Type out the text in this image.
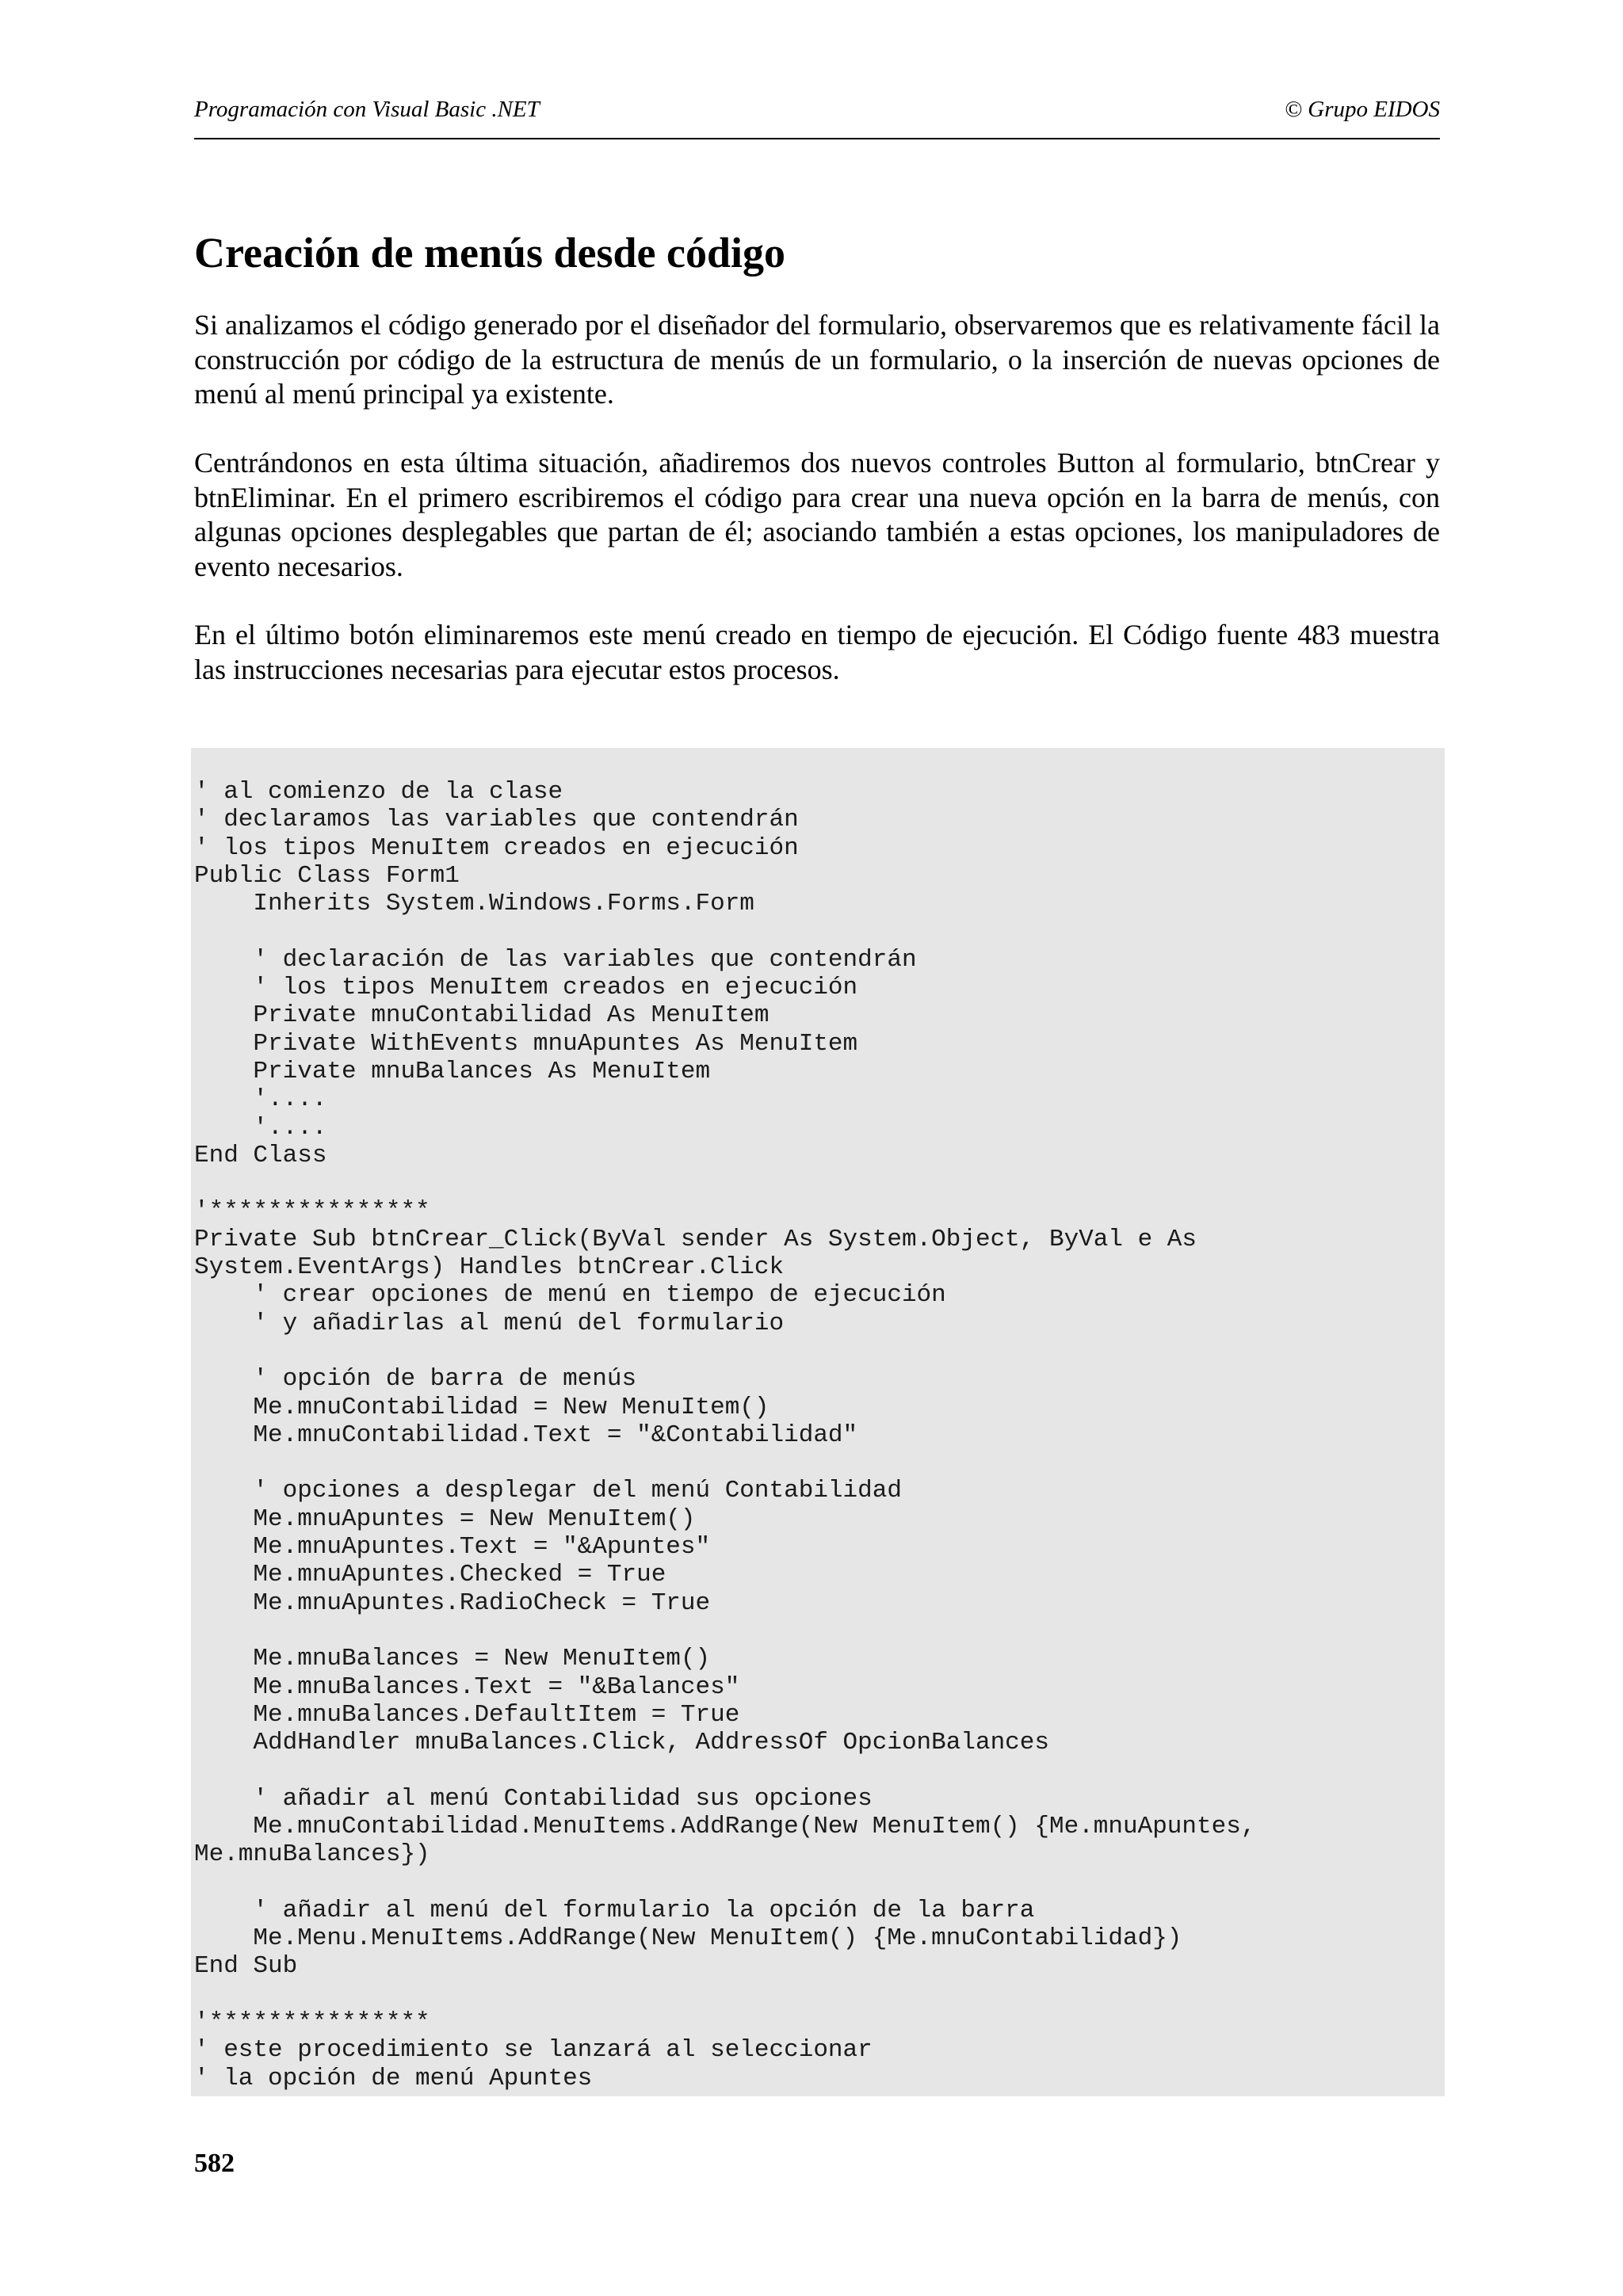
Programación con Visual Basic .NET	© Grupo EIDOS
Creación de menús desde código

Si analizamos el código generado por el diseñador del formulario, observaremos que es relativamente fácil la construcción por código de la estructura de menús de un formulario, o la inserción de nuevas opciones de menú al menú principal ya existente.

Centrándonos en esta última situación, añadiremos dos nuevos controles Button al formulario, btnCrear y btnEliminar. En el primero escribiremos el código para crear una nueva opción en la barra de menús, con algunas opciones desplegables que partan de él; asociando también a estas opciones, los manipuladores de evento necesarios.

En el último botón eliminaremos este menú creado en tiempo de ejecución. El Código fuente 483 muestra las instrucciones necesarias para ejecutar estos procesos.

' al comienzo de la clase
' declaramos las variables que contendrán
' los tipos MenuItem creados en ejecución
Public Class Form1
Inherits System.Windows.Forms.Form
' declaración de las variables que contendrán
' los tipos MenuItem creados en ejecución
Private mnuContabilidad As MenuItem
Private WithEvents mnuApuntes As MenuItem
Private mnuBalances As MenuItem
'....
'....
End Class
'***************
Private Sub btnCrear_Click(ByVal sender As System.Object, ByVal e As
System.EventArgs) Handles btnCrear.Click
' crear opciones de menú en tiempo de ejecución
' y añadirlas al menú del formulario
' opción de barra de menús
Me.mnuContabilidad = New MenuItem()
Me.mnuContabilidad.Text = "&Contabilidad"
' opciones a desplegar del menú Contabilidad
Me.mnuApuntes = New MenuItem()
Me.mnuApuntes.Text = "&Apuntes"
Me.mnuApuntes.Checked = True
Me.mnuApuntes.RadioCheck = True
Me.mnuBalances = New MenuItem()
Me.mnuBalances.Text = "&Balances"
Me.mnuBalances.DefaultItem = True
AddHandler mnuBalances.Click, AddressOf OpcionBalances
' añadir al menú Contabilidad sus opciones
Me.mnuContabilidad.MenuItems.AddRange(New MenuItem() {Me.mnuApuntes,
Me.mnuBalances})
' añadir al menú del formulario la opción de la barra
Me.Menu.MenuItems.AddRange(New MenuItem() {Me.mnuContabilidad})
End Sub
'***************
' este procedimiento se lanzará al seleccionar
' la opción de menú Apuntes
582
